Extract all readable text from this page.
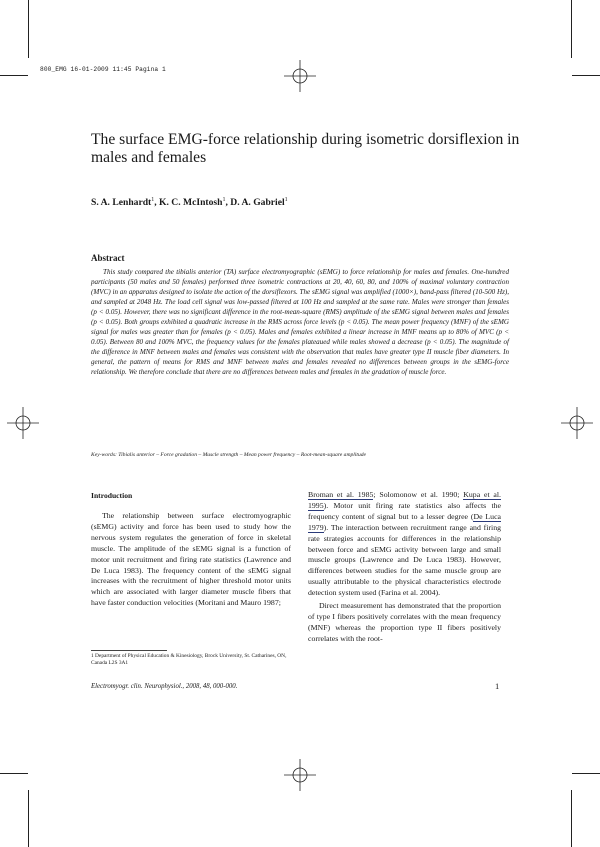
800_EMG 16-01-2009 11:45 Pagina 1
The surface EMG-force relationship during isometric dorsiflexion in males and females
S. A. Lenhardt$^1$, K. C. McIntosh$^1$, D. A. Gabriel$^1$
Abstract
This study compared the tibialis anterior (TA) surface electromyographic (sEMG) to force relationship for males and females. One-hundred participants (50 males and 50 females) performed three isometric contractions at 20, 40, 60, 80, and 100% of maximal voluntary contraction (MVC) in an apparatus designed to isolate the action of the dorsiflexors. The sEMG signal was amplified (1000×), band-pass filtered (10-500 Hz), and sampled at 2048 Hz. The load cell signal was low-passed filtered at 100 Hz and sampled at the same rate. Males were stronger than females (p < 0.05). However, there was no significant difference in the root-mean-square (RMS) amplitude of the sEMG signal between males and females (p < 0.05). Both groups exhibited a quadratic increase in the RMS across force levels (p < 0.05). The mean power frequency (MNF) of the sEMG signal for males was greater than for females (p < 0.05). Males and females exhibited a linear increase in MNF means up to 80% of MVC (p < 0.05). Between 80 and 100% MVC, the frequency values for the females plateaued while males showed a decrease (p < 0.05). The magnitude of the difference in MNF between males and females was consistent with the observation that males have greater type II muscle fiber diameters. In general, the pattern of means for RMS and MNF between males and females revealed no differences between groups in the sEMG-force relationship. We therefore conclude that there are no differences between males and females in the gradation of muscle force.
Key-words: Tibialis anterior – Force gradation – Muscle strength – Mean power frequency – Root-mean-square amplitude
Introduction
The relationship between surface electromyographic (sEMG) activity and force has been used to study how the nervous system regulates the generation of force in skeletal muscle. The amplitude of the sEMG signal is a function of motor unit recruitment and firing rate statistics (Lawrence and De Luca 1983). The frequency content of the sEMG signal increases with the recruitment of higher threshold motor units which are associated with larger diameter muscle fibers that have faster conduction velocities (Moritani and Mauro 1987;

Broman et al. 1985; Solomonow et al. 1990; Kupa et al. 1995). Motor unit firing rate statistics also affects the frequency content of signal but to a lesser degree (De Luca 1979). The interaction between recruitment range and firing rate strategies accounts for differences in the relationship between force and sEMG activity between large and small muscle groups (Lawrence and De Luca 1983). However, differences between studies for the same muscle group are usually attributable to the physical characteristics electrode detection system used (Farina et al. 2004).

Direct measurement has demonstrated that the proportion of type I fibers positively correlates with the mean frequency (MNF) whereas the proportion type II fibers positively correlates with the root-

1 Department of Physical Education & Kinesiology, Brock University, St. Catharines, ON, Canada L2S 3A1
Electromyogr. clin. Neurophysiol., 2008, 48, 000-000.	1
